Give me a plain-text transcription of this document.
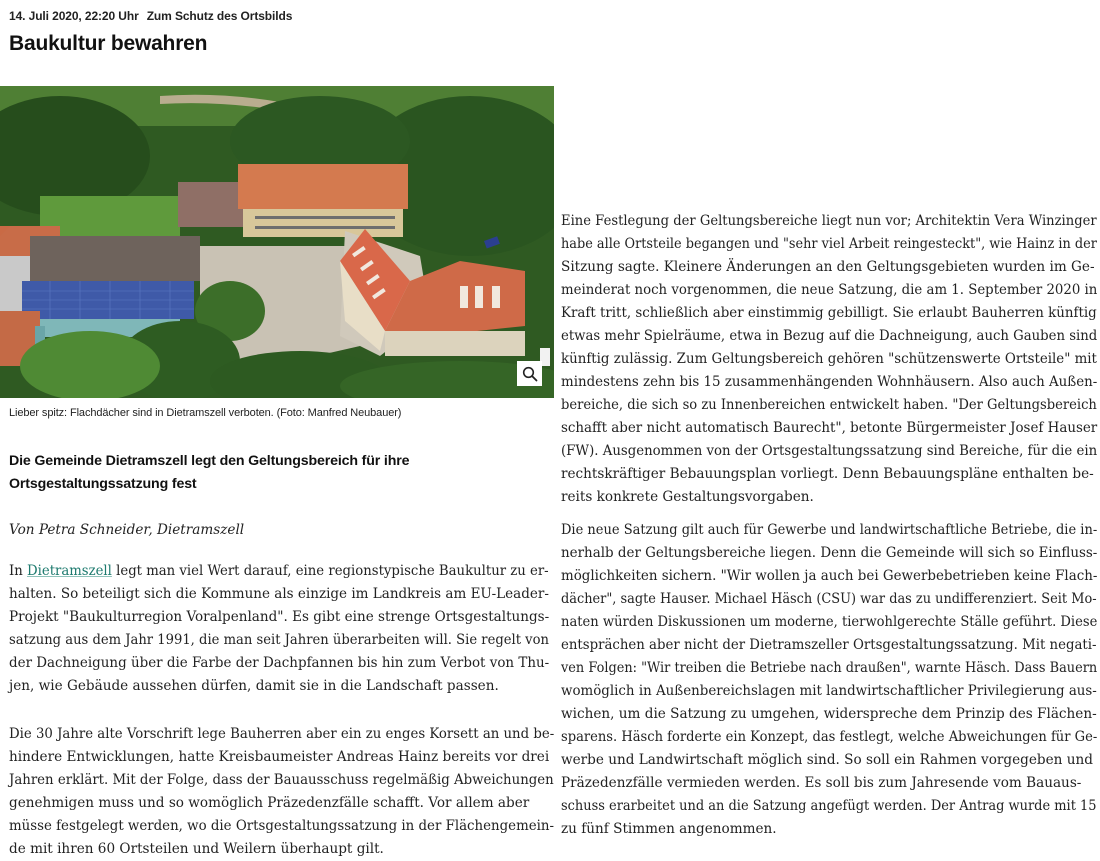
14. Juli 2020, 22:20 Uhr Zum Schutz des Ortsbilds
Baukultur bewahren
Lieber spitz: Flachdächer sind in Dietramszell verboten. (Foto: Manfred Neubauer)
Die Gemeinde Dietramszell legt den Geltungsbereich für ihre Ortsgestaltungssatzung fest
Von Petra Schneider, Dietramszell

In Dietramszell legt man viel Wert darauf, eine regionstypische Baukultur zu er-
halten. So beteiligt sich die Kommune als einzige im Landkreis am EU-Leader-
Projekt "Baukulturregion Voralpenland". Es gibt eine strenge Ortsgestaltungs-
satzung aus dem Jahr 1991, die man seit Jahren überarbeiten will. Sie regelt von
der Dachneigung über die Farbe der Dachpfannen bis hin zum Verbot von Thu-
jen, wie Gebäude aussehen dürfen, damit sie in die Landschaft passen.

Die 30 Jahre alte Vorschrift lege Bauherren aber ein zu enges Korsett an und be-
hindere Entwicklungen, hatte Kreisbaumeister Andreas Hainz bereits vor drei
Jahren erklärt. Mit der Folge, dass der Bauausschuss regelmäßig Abweichungen
genehmigen muss und so womöglich Präzedenzfälle schafft. Vor allem aber
müsse festgelegt werden, wo die Ortsgestaltungssatzung in der Flächengemein-
de mit ihren 60 Ortsteilen und Weilern überhaupt gilt.

Eine Festlegung der Geltungsbereiche liegt nun vor; Architektin Vera Winzinger
habe alle Ortsteile begangen und "sehr viel Arbeit reingesteckt", wie Hainz in der
Sitzung sagte. Kleinere Änderungen an den Geltungsgebieten wurden im Ge-
meinderat noch vorgenommen, die neue Satzung, die am 1. September 2020 in
Kraft tritt, schließlich aber einstimmig gebilligt. Sie erlaubt Bauherren künftig
etwas mehr Spielräume, etwa in Bezug auf die Dachneigung, auch Gauben sind
künftig zulässig. Zum Geltungsbereich gehören "schützenswerte Ortsteile" mit
mindestens zehn bis 15 zusammenhängenden Wohnhäusern. Also auch Außen-
bereiche, die sich so zu Innenbereichen entwickelt haben. "Der Geltungsbereich
schafft aber nicht automatisch Baurecht", betonte Bürgermeister Josef Hauser
(FW). Ausgenommen von der Ortsgestaltungssatzung sind Bereiche, für die ein
rechtskräftiger Bebauungsplan vorliegt. Denn Bebauungspläne enthalten be-
reits konkrete Gestaltungsvorgaben.

Die neue Satzung gilt auch für Gewerbe und landwirtschaftliche Betriebe, die in-
nerhalb der Geltungsbereiche liegen. Denn die Gemeinde will sich so Einfluss-
möglichkeiten sichern. "Wir wollen ja auch bei Gewerbebetrieben keine Flach-
dächer", sagte Hauser. Michael Häsch (CSU) war das zu undifferenziert. Seit Mo-
naten würden Diskussionen um moderne, tierwohlgerechte Ställe geführt. Diese
entsprächen aber nicht der Dietramszeller Ortsgestaltungssatzung. Mit negati-
ven Folgen: "Wir treiben die Betriebe nach draußen", warnte Häsch. Dass Bauern
womöglich in Außenbereichslagen mit landwirtschaftlicher Privilegierung aus-
wichen, um die Satzung zu umgehen, widerspreche dem Prinzip des Flächen-
sparens. Häsch forderte ein Konzept, das festlegt, welche Abweichungen für Ge-
werbe und Landwirtschaft möglich sind. So soll ein Rahmen vorgegeben und
Präzedenzfälle vermieden werden. Es soll bis zum Jahresende vom Bauaus-
schuss erarbeitet und an die Satzung angefügt werden. Der Antrag wurde mit 15
zu fünf Stimmen angenommen.
